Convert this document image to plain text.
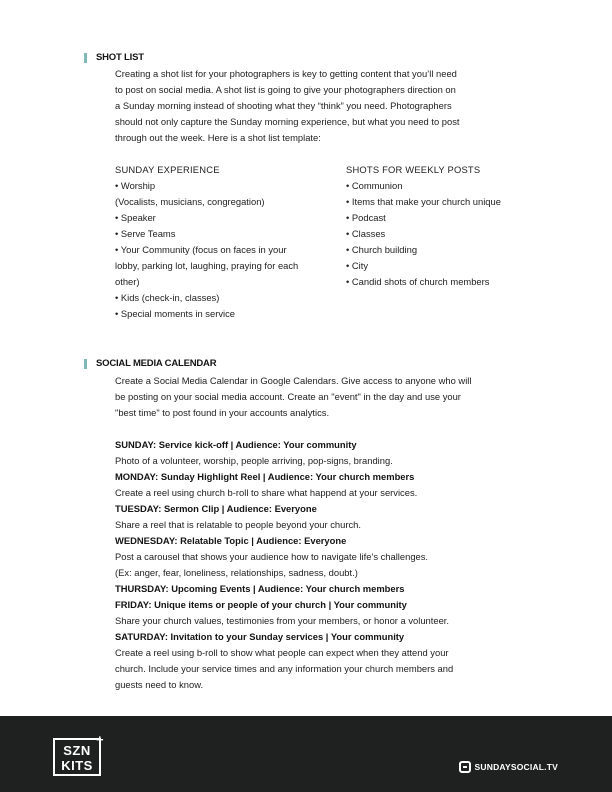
SHOT LIST

Creating a shot list for your photographers is key to getting content that you’ll need

to post on social media. A shot list is going to give your photographers direction on

a Sunday morning instead of shooting what they “think” you need. Photographers

should not only capture the Sunday morning experience, but what you need to post

through out the week. Here is a shot list template:

SUNDAY EXPERIENCE
• Worship
(Vocalists, musicians, congregation)
• Speaker
• Serve Teams
• Your Community (focus on faces in your
lobby, parking lot, laughing, praying for each
other)
• Kids (check-in, classes)
• Special moments in service
SHOTS FOR WEEKLY POSTS
• Communion
• Items that make your church unique
• Podcast
• Classes
• Church building
• City
• Candid shots of church members
SOCIAL MEDIA CALENDAR

Create a Social Media Calendar in Google Calendars. Give access to anyone who will

be posting on your social media account. Create an "event" in the day and use your

"best time" to post found in your accounts analytics.

SUNDAY: Service kick-off | Audience: Your community
Photo of a volunteer, worship, people arriving, pop-signs, branding.
MONDAY: Sunday Highlight Reel | Audience: Your church members
Create a reel using church b-roll to share what happend at your services.
TUESDAY: Sermon Clip | Audience: Everyone
Share a reel that is relatable to people beyond your church.
WEDNESDAY: Relatable Topic | Audience: Everyone
Post a carousel that shows your audience how to navigate life’s challenges.
(Ex: anger, fear, loneliness, relationships, sadness, doubt.)
THURSDAY: Upcoming Events | Audience: Your church members
FRIDAY: Unique items or people of your church | Your community
Share your church values, testimonies from your members, or honor a volunteer.
SATURDAY: Invitation to your Sunday services | Your community
Create a reel using b-roll to show what people can expect when they attend your
church. Include your service times and any information your church members and
guests need to know.
SZN
KITS
+
SUNDAYSOCIAL.TV
